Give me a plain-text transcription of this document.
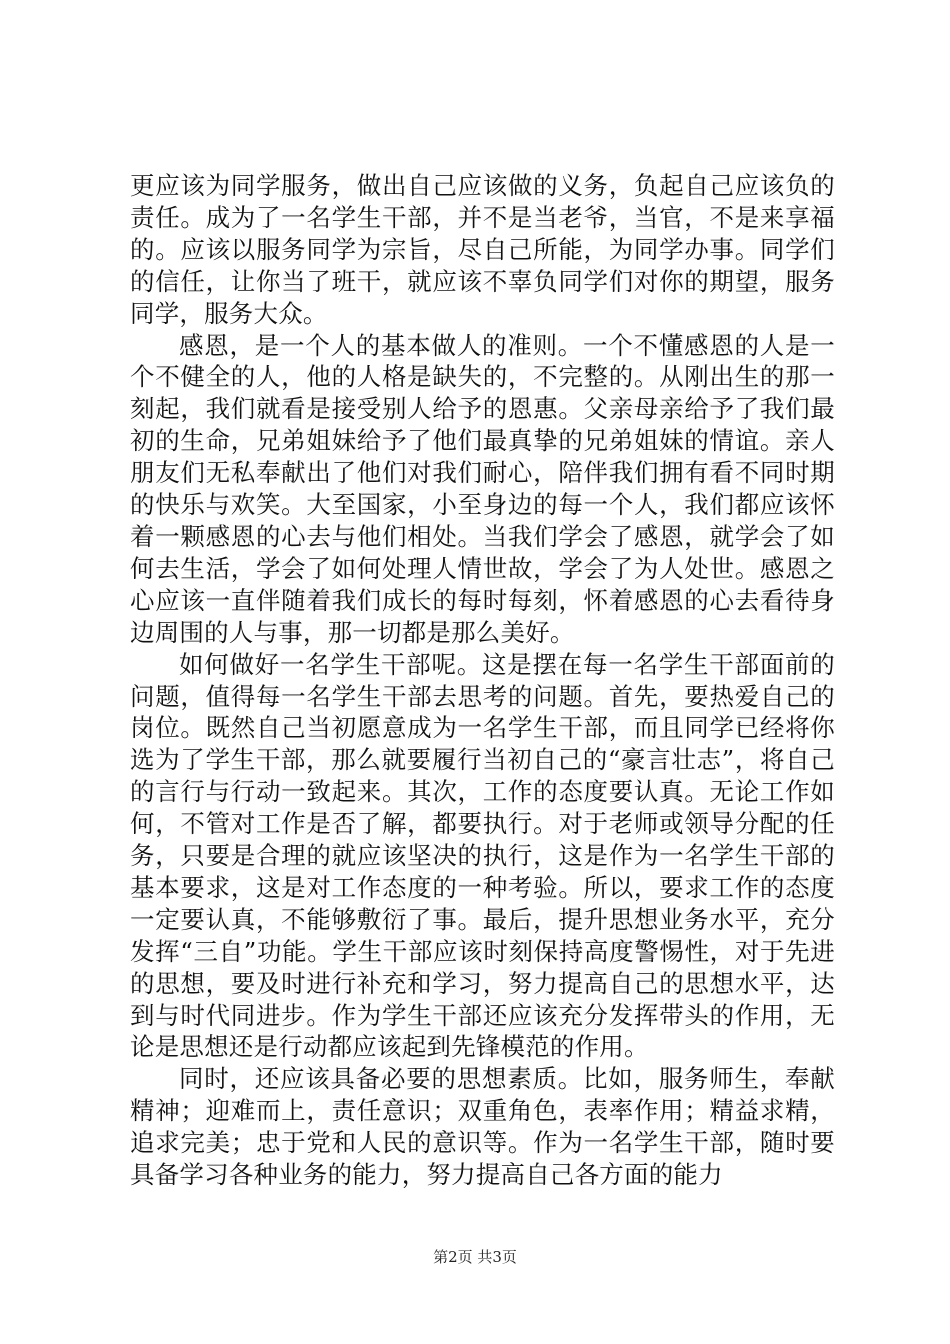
更应该为同学服务，做出自己应该做的义务，负起自己应该负的责任。成为了一名学生干部，并不是当老爷，当官，不是来享福的。应该以服务同学为宗旨，尽自己所能，为同学办事。同学们的信任，让你当了班干，就应该不辜负同学们对你的期望，服务同学，服务大众。

感恩，是一个人的基本做人的准则。一个不懂感恩的人是一个不健全的人，他的人格是缺失的，不完整的。从刚出生的那一刻起，我们就看是接受别人给予的恩惠。父亲母亲给予了我们最初的生命，兄弟姐妹给予了他们最真挚的兄弟姐妹的情谊。亲人朋友们无私奉献出了他们对我们耐心，陪伴我们拥有看不同时期的快乐与欢笑。大至国家，小至身边的每一个人，我们都应该怀着一颗感恩的心去与他们相处。当我们学会了感恩，就学会了如何去生活，学会了如何处理人情世故，学会了为人处世。感恩之心应该一直伴随着我们成长的每时每刻，怀着感恩的心去看待身边周围的人与事，那一切都是那么美好。

如何做好一名学生干部呢。这是摆在每一名学生干部面前的问题，值得每一名学生干部去思考的问题。首先，要热爱自己的岗位。既然自己当初愿意成为一名学生干部，而且同学已经将你选为了学生干部，那么就要履行当初自己的“豪言壮志”，将自己的言行与行动一致起来。其次，工作的态度要认真。无论工作如何，不管对工作是否了解，都要执行。对于老师或领导分配的任务，只要是合理的就应该坚决的执行，这是作为一名学生干部的基本要求，这是对工作态度的一种考验。所以，要求工作的态度一定要认真，不能够敷衍了事。最后，提升思想业务水平，充分发挥“三自”功能。学生干部应该时刻保持高度警惕性，对于先进的思想，要及时进行补充和学习，努力提高自己的思想水平，达到与时代同进步。作为学生干部还应该充分发挥带头的作用，无论是思想还是行动都应该起到先锋模范的作用。

同时，还应该具备必要的思想素质。比如，服务师生，奉献精神；迎难而上，责任意识；双重角色，表率作用；精益求精，追求完美；忠于党和人民的意识等。作为一名学生干部，随时要具备学习各种业务的能力，努力提高自己各方面的能力

第2页 共3页
